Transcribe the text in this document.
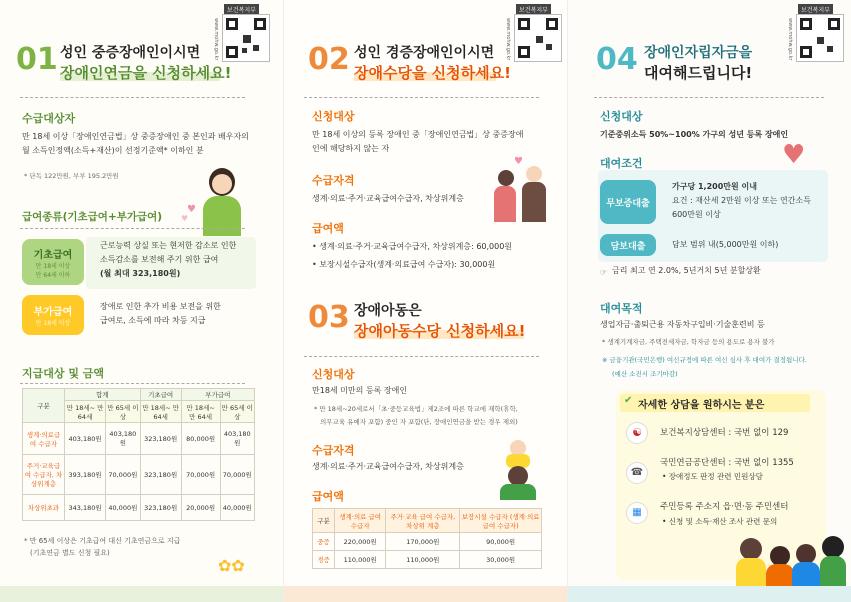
보건복지부
www.mohw.go.kr
01 성인 중증장애인이시면
장애인연금을 신청하세요!
수급대상자
만 18세 이상「장애인연금법」상 중증장애인 중 본인과 배우자의
월 소득인정액(소득+재산)이 선정기준액* 이하인 분
* 단독 122만원, 부부 195.2만원
♥
♥
급여종류(기초급여+부가급여)
기초급여
만 18세 이상
만 64세 이하
근로능력 상실 또는 현저한 감소로 인한
소득감소를 보전해 주기 위한 급여
(월 최대 323,180원)
부가급여
만 18세 이상
장애로 인한 추가 비용 보전을 위한
급여로, 소득에 따라 차등 지급
지급대상 및 금액
구분	합계		기초급여	부가급여	
	만 18세~ 만 64세	만 65세 이상	만 18세~ 만 64세	만 18세~ 만 64세	만 65세 이상
생계·의료급여 수급자	403,180원	403,180원	323,180원	80,000원	403,180원
주거·교육급여 수급자, 차상위계층	393,180원	70,000원	323,180원	70,000원	70,000원
차상위초과	343,180원	40,000원	323,180원	20,000원	40,000원
* 만 65세 이상은 기초급여 대신 기초연금으로 지급
(기초연금 별도 신청 필요)
✿✿
보건복지부
www.mohw.go.kr
02 성인 경증장애인이시면
장애수당을 신청하세요!
신청대상
만 18세 이상의 등록 장애인 중「장애인연금법」상 중증장애
인에 해당하지 않는 자
수급자격
생계·의료·주거·교육급여수급자, 차상위계층
♥
급여액
• 생계·의료·주거·교육급여수급자, 차상위계층: 60,000원
• 보장시설수급자(생계·의료급여 수급자): 30,000원
03 장애아동은
장애아동수당 신청하세요!
신청대상
만18세 미만의 등록 장애인
* 만 18세~20세로서「초·중등교육법」제2조에 따른 학교에 재학(휴학,
의무교육 유예자 포함) 중인 자 포함(단, 장애인연금을 받는 경우 제외)
수급자격
생계·의료·주거·교육급여수급자, 차상위계층
급여액
구분	생계·의료 급여 수급자	주거·교육 급여 수급자, 차상위 계층	보장시설 수급자 (생계·의료 급여 수급자)
중증	220,000원	170,000원	90,000원
경증	110,000원	110,000원	30,000원
보건복지부
www.mohw.go.kr
04 장애인자립자금을
대여해드립니다!
신청대상
기준중위소득 50%~100% 가구의 성년 등록 장애인
대여조건
무보증대출
가구당 1,200만원 이내
요건 : 재산세 2만원 이상 또는 연간소득
600만원 이상
담보대출	담보 범위 내(5,000만원 이하)
☞ 금리 최고 연 2.0%, 5년거치 5년 분할상환
♥
대여목적
생업자금·출퇴근용 자동차구입비·기술훈련비 등
* 생계기계자금, 주택전세자금, 학자금 등의 용도로 용자 불가
※ 금융기관(국민은행) 여신규정에 따른 여신 심사 후 대여가 결정됩니다.
(예산 소진시 조기마감)
✔ 자세한 상담을 원하시는 분은
☯	보건복지상담센터 : 국번 없이 129
☎
국민연금공단센터 : 국번 없이 1355
• 장애정도 판정 관련 민원상담
▦	주민등록 주소지 읍·면·동 주민센터
• 신청 및 소득·재산 조사 관련 문의
